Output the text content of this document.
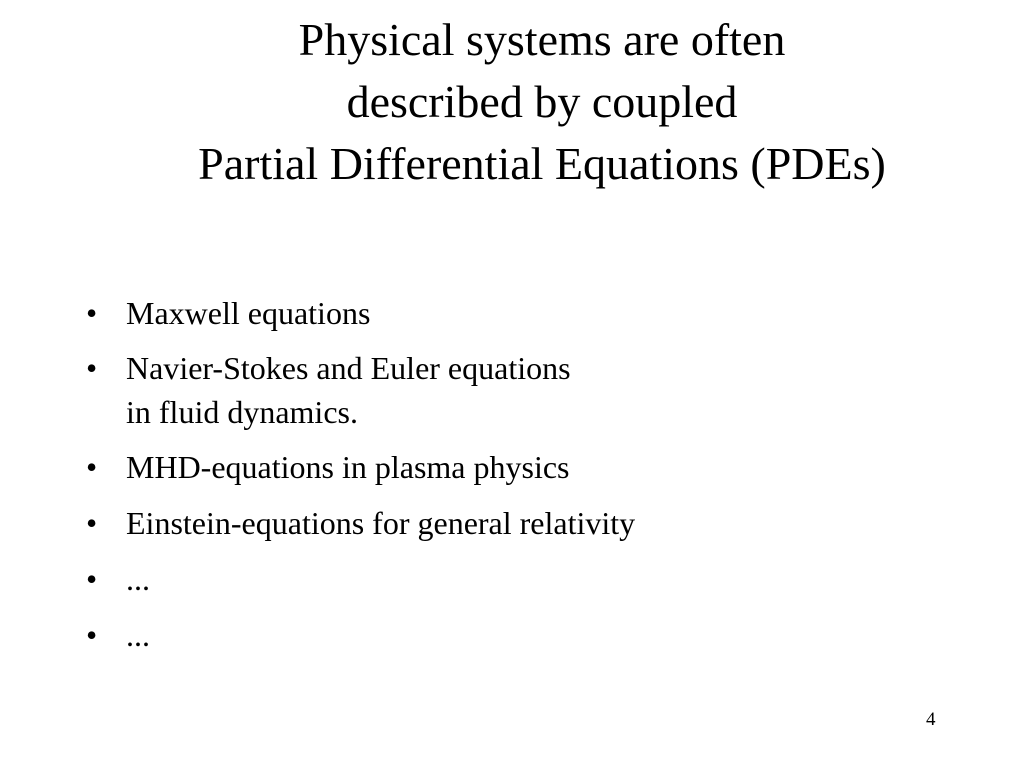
Physical systems are often
described by coupled
Partial Differential Equations (PDEs)
• Maxwell equations
• Navier-Stokes and Euler equations
in fluid dynamics.
• MHD-equations in plasma physics
• Einstein-equations for general relativity
• ...
• ...
4
